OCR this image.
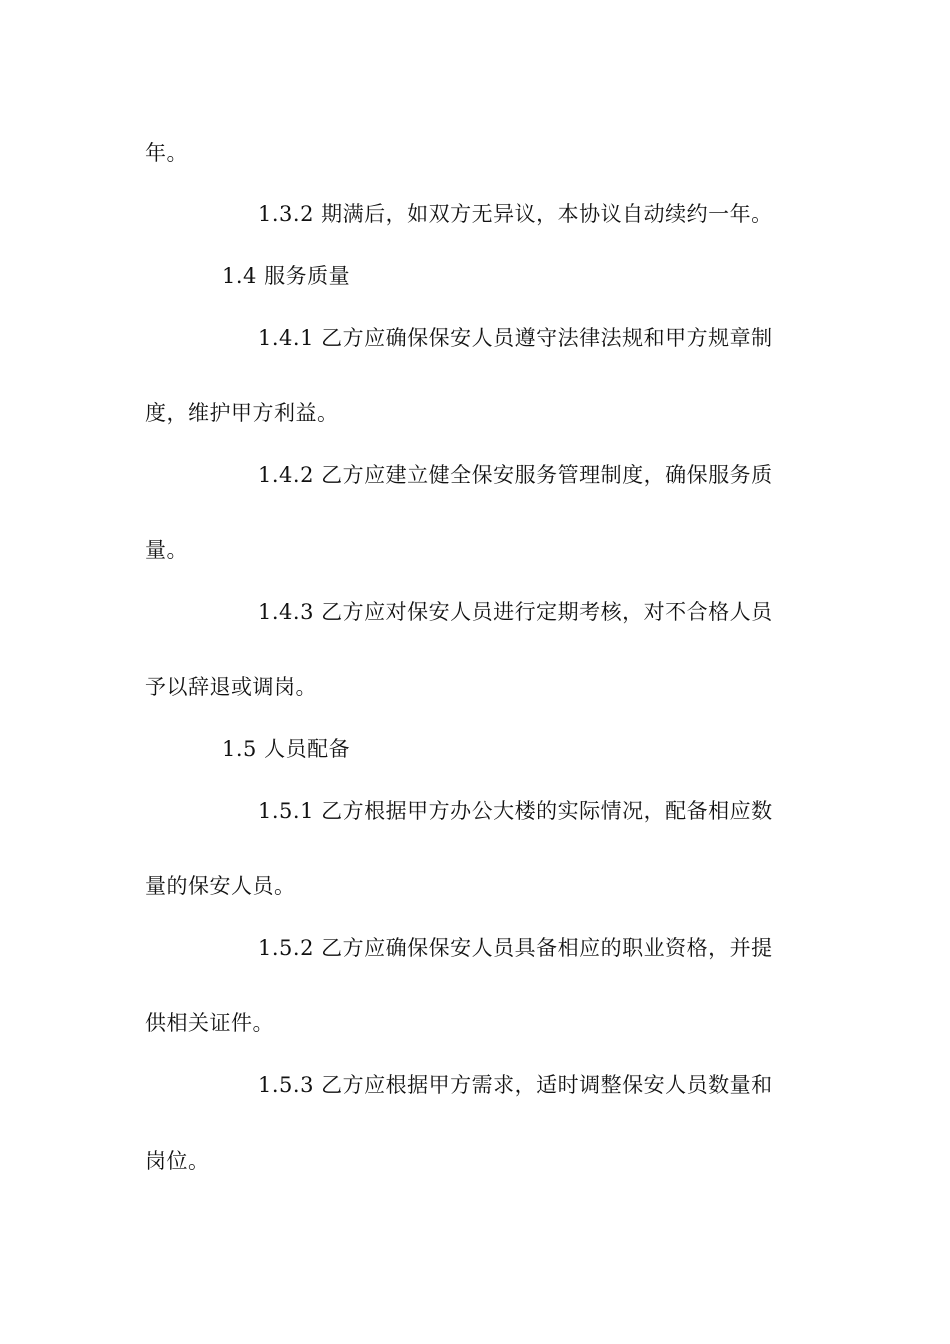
年。
1.3.2 期满后，如双方无异议，本协议自动续约一年。
1.4 服务质量
1.4.1 乙方应确保保安人员遵守法律法规和甲方规章制
度，维护甲方利益。
1.4.2 乙方应建立健全保安服务管理制度，确保服务质
量。
1.4.3 乙方应对保安人员进行定期考核，对不合格人员
予以辞退或调岗。
1.5 人员配备
1.5.1 乙方根据甲方办公大楼的实际情况，配备相应数
量的保安人员。
1.5.2 乙方应确保保安人员具备相应的职业资格，并提
供相关证件。
1.5.3 乙方应根据甲方需求，适时调整保安人员数量和
岗位。
